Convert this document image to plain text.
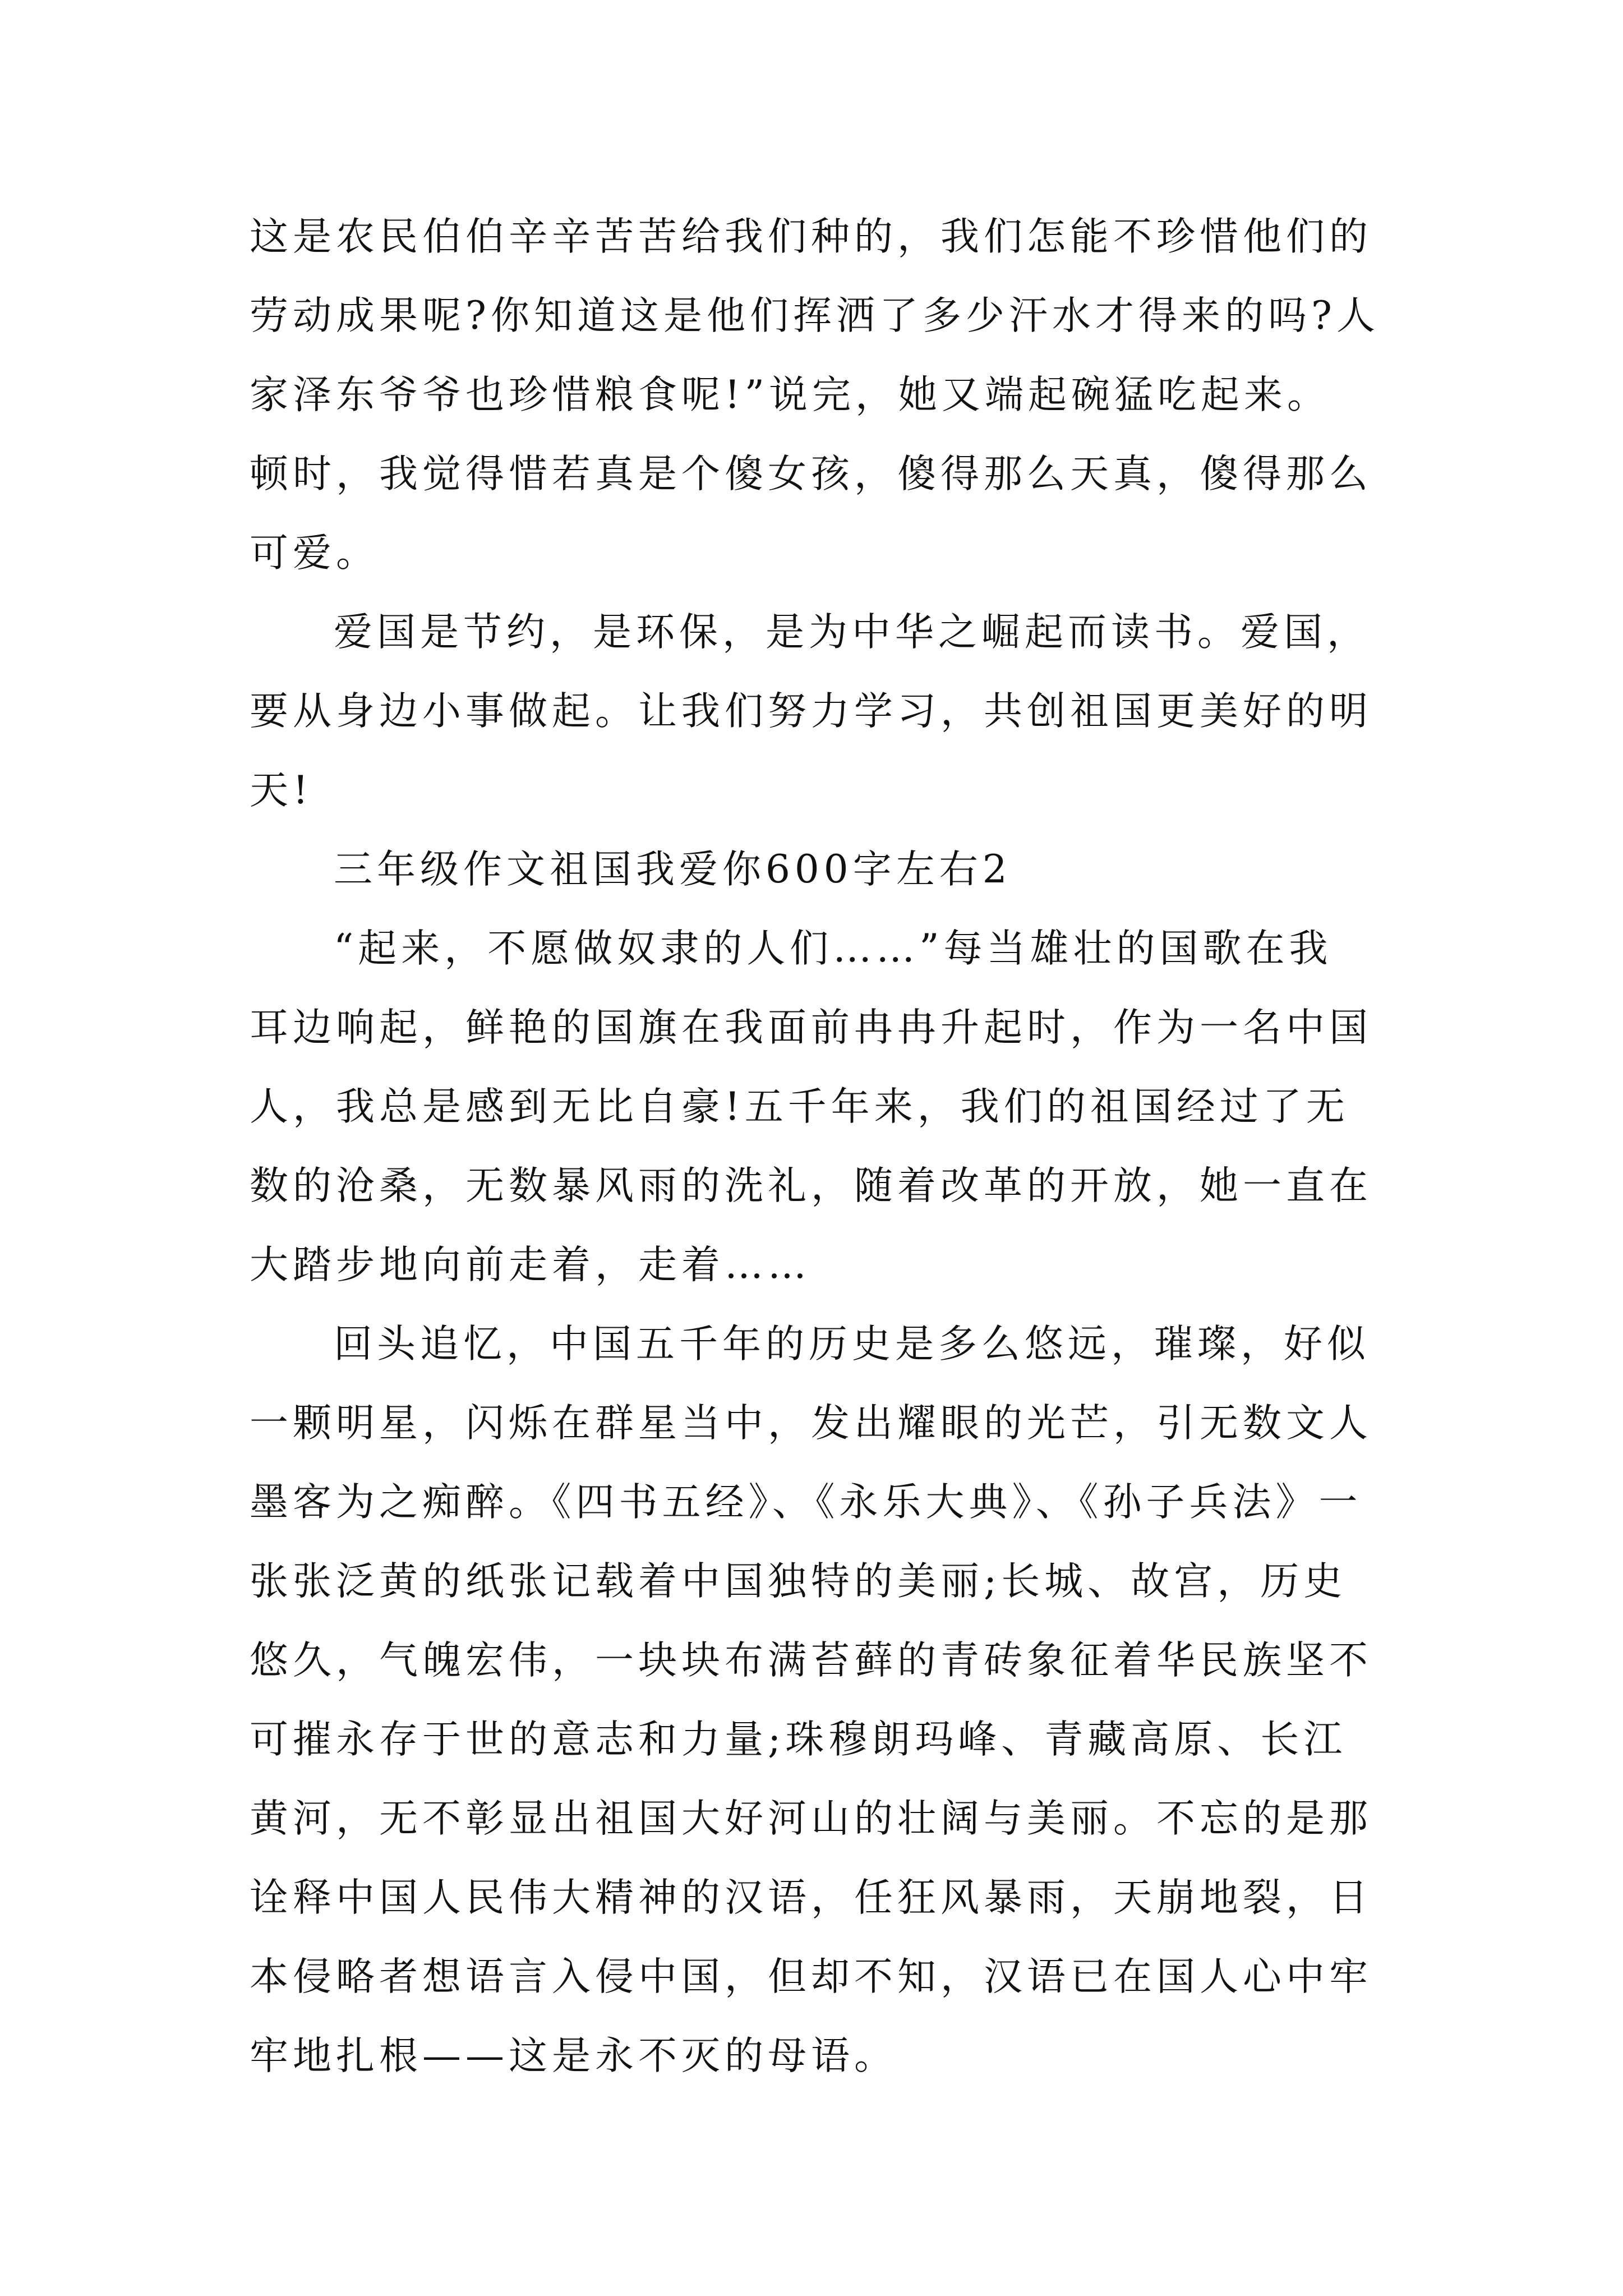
这是农民伯伯辛辛苦苦给我们种的，我们怎能不珍惜他们的
劳动成果呢?你知道这是他们挥洒了多少汗水才得来的吗?人
家泽东爷爷也珍惜粮食呢!”说完，她又端起碗猛吃起来。
顿时，我觉得惜若真是个傻女孩，傻得那么天真，傻得那么
可爱。
爱国是节约，是环保，是为中华之崛起而读书。爱国，
要从身边小事做起。让我们努力学习，共创祖国更美好的明
天!
三年级作文祖国我爱你600字左右2
“起来，不愿做奴隶的人们……”每当雄壮的国歌在我
耳边响起，鲜艳的国旗在我面前冉冉升起时，作为一名中国
人，我总是感到无比自豪!五千年来，我们的祖国经过了无
数的沧桑，无数暴风雨的洗礼，随着改革的开放，她一直在
大踏步地向前走着，走着……
回头追忆，中国五千年的历史是多么悠远，璀璨，好似
一颗明星，闪烁在群星当中，发出耀眼的光芒，引无数文人
墨客为之痴醉。《四书五经》、《永乐大典》、《孙子兵法》一
张张泛黄的纸张记载着中国独特的美丽;长城、故宫，历史
悠久，气魄宏伟，一块块布满苔藓的青砖象征着华民族坚不
可摧永存于世的意志和力量;珠穆朗玛峰、青藏高原、长江
黄河，无不彰显出祖国大好河山的壮阔与美丽。不忘的是那
诠释中国人民伟大精神的汉语，任狂风暴雨，天崩地裂，日
本侵略者想语言入侵中国，但却不知，汉语已在国人心中牢
牢地扎根——这是永不灭的母语。
